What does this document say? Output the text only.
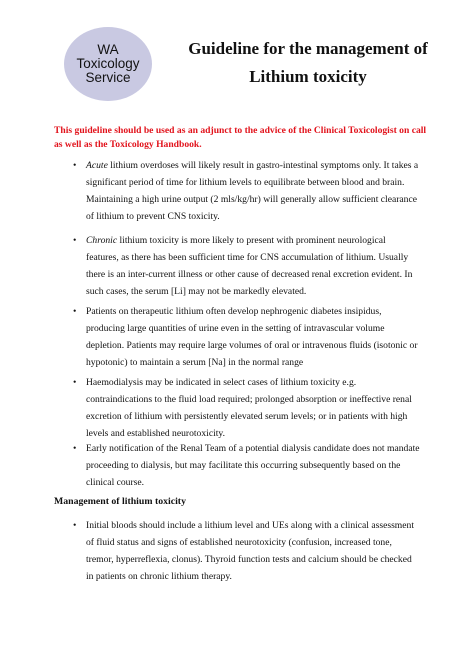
WA
Toxicology
Service
Guideline for the management of
Lithium toxicity

This guideline should be used as an adjunct to the advice of the Clinical Toxicologist on call as well as the Toxicology Handbook.

• Acute lithium overdoses will likely result in gastro-intestinal symptoms only. It takes a significant period of time for lithium levels to equilibrate between blood and brain. Maintaining a high urine output (2 mls/kg/hr) will generally allow sufficient clearance of lithium to prevent CNS toxicity.
• Chronic lithium toxicity is more likely to present with prominent neurological features, as there has been sufficient time for CNS accumulation of lithium. Usually there is an inter-current illness or other cause of decreased renal excretion evident. In such cases, the serum [Li] may not be markedly elevated.
• Patients on therapeutic lithium often develop nephrogenic diabetes insipidus, producing large quantities of urine even in the setting of intravascular volume depletion. Patients may require large volumes of oral or intravenous fluids (isotonic or hypotonic) to maintain a serum [Na] in the normal range
• Haemodialysis may be indicated in select cases of lithium toxicity e.g. contraindications to the fluid load required; prolonged absorption or ineffective renal excretion of lithium with persistently elevated serum levels; or in patients with high levels and established neurotoxicity.
• Early notification of the Renal Team of a potential dialysis candidate does not mandate proceeding to dialysis, but may facilitate this occurring subsequently based on the clinical course.
Management of lithium toxicity
• Initial bloods should include a lithium level and UEs along with a clinical assessment of fluid status and signs of established neurotoxicity (confusion, increased tone, tremor, hyperreflexia, clonus). Thyroid function tests and calcium should be checked in patients on chronic lithium therapy.
